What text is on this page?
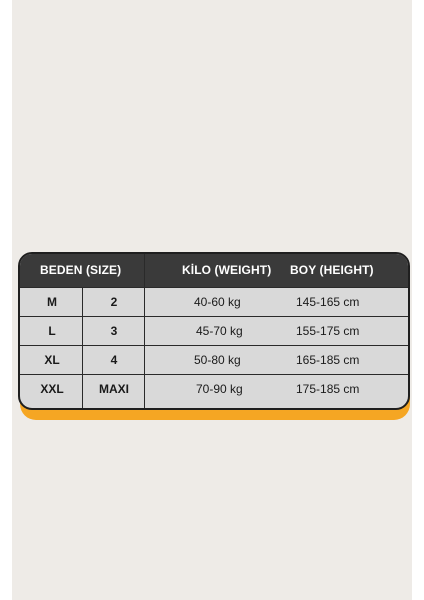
BEDEN (SIZE)	KİLO (WEIGHT) BOY (HEIGHT)
M	2	40-60 kg	145-165 cm
L	3	45-70 kg	155-175 cm
XL	4	50-80 kg	165-185 cm
XXL	MAXI	70-90 kg	175-185 cm
